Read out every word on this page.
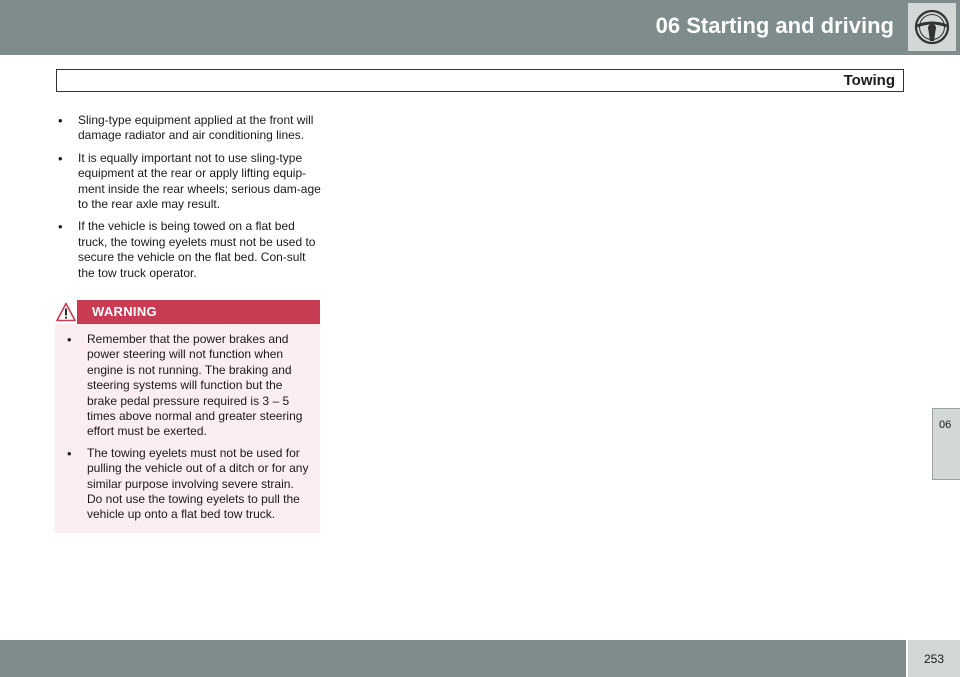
06 Starting and driving
Towing
• Sling-type equipment applied at the front will damage radiator and air conditioning lines.
• It is equally important not to use sling-type equipment at the rear or apply lifting equip-ment inside the rear wheels; serious dam-age to the rear axle may result.
• If the vehicle is being towed on a flat bed truck, the towing eyelets must not be used to secure the vehicle on the flat bed. Con-sult the tow truck operator.
WARNING
• Remember that the power brakes and power steering will not function when engine is not running. The braking and steering systems will function but the brake pedal pressure required is 3 – 5 times above normal and greater steering effort must be exerted.
• The towing eyelets must not be used for pulling the vehicle out of a ditch or for any similar purpose involving severe strain. Do not use the towing eyelets to pull the vehicle up onto a flat bed tow truck.
06
253
